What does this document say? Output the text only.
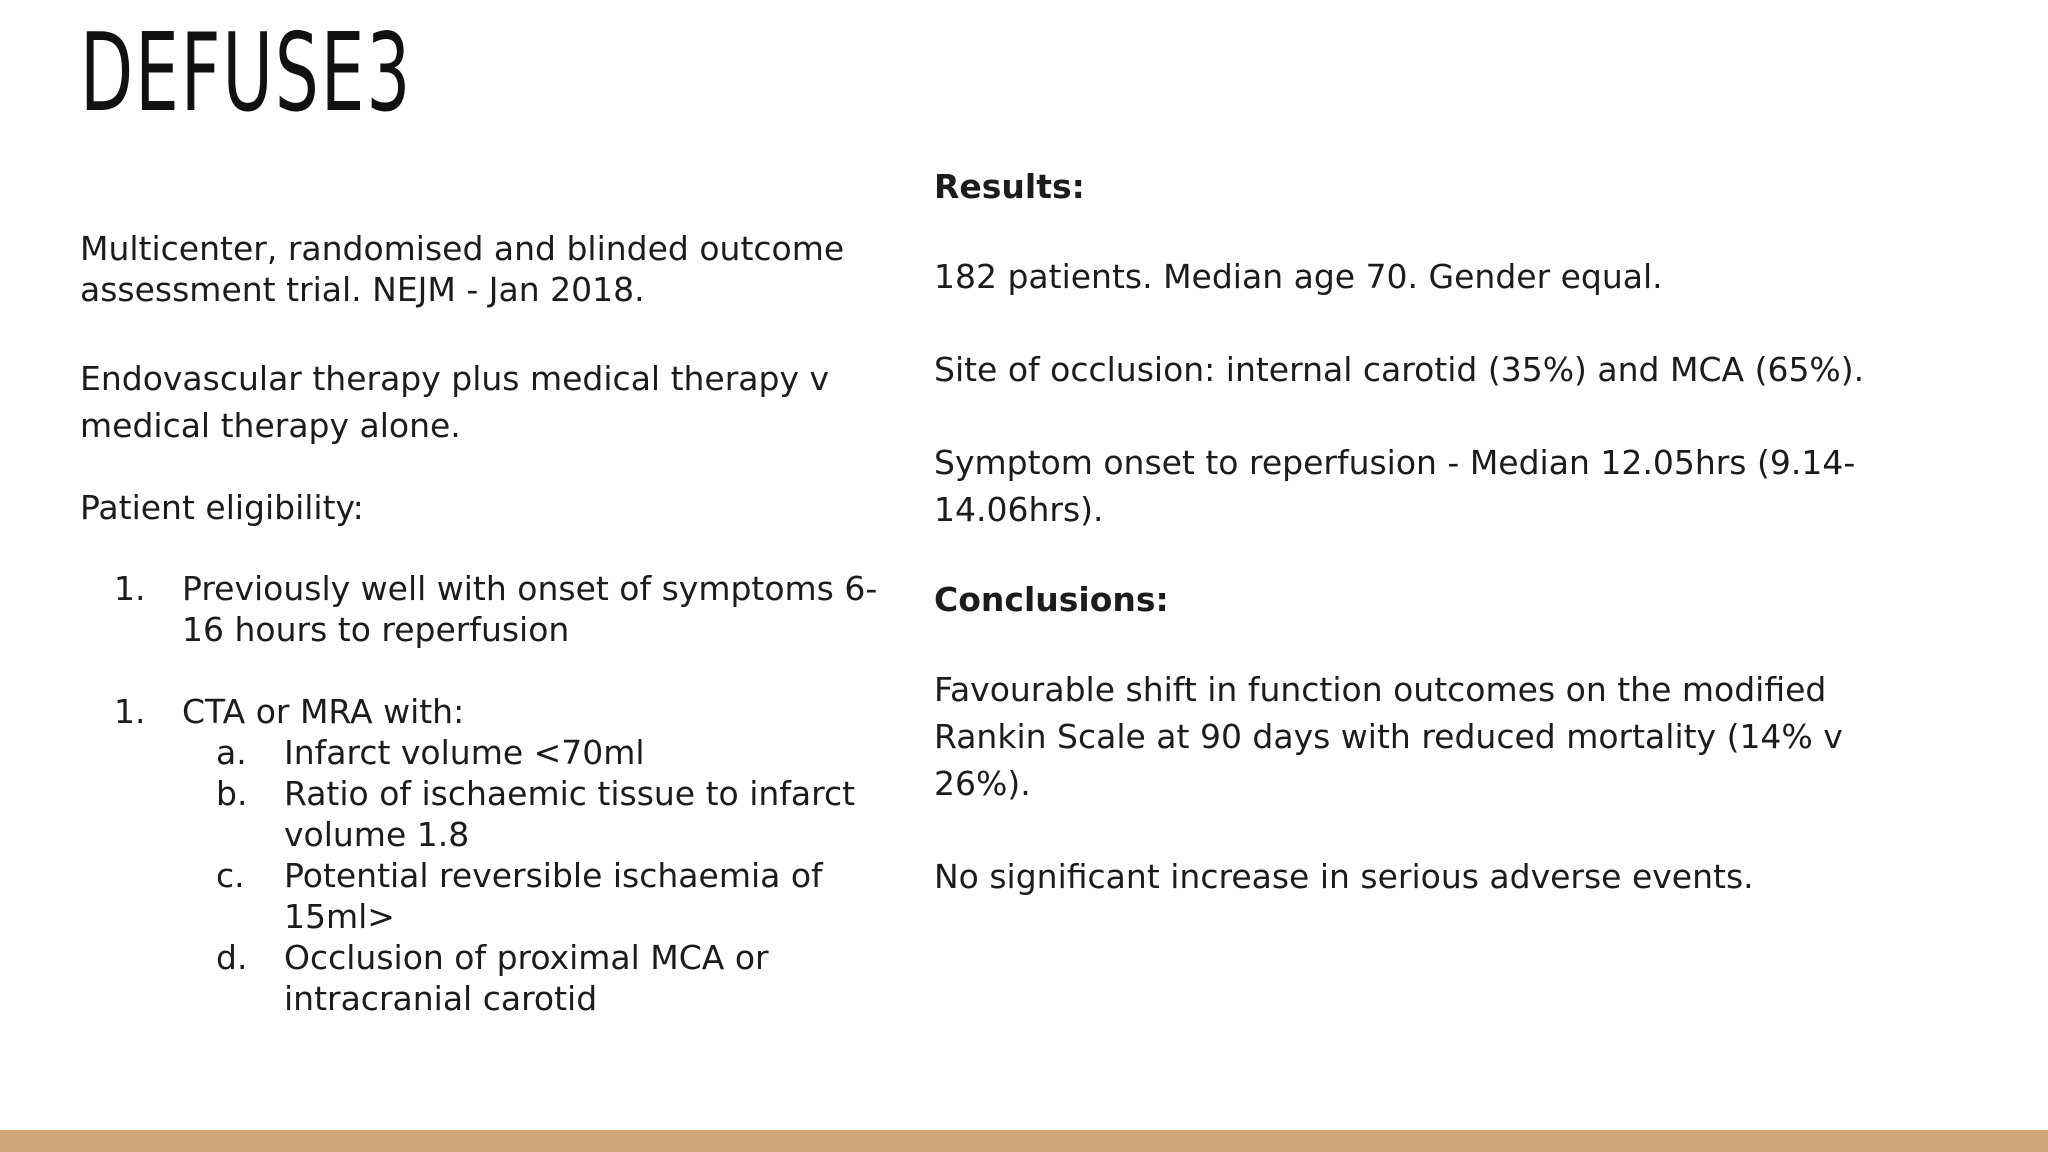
DEFUSE3

Multicenter, randomised and blinded outcome assessment trial. NEJM - Jan 2018.

Endovascular therapy plus medical therapy v medical therapy alone.

Patient eligibility:

1. Previously well with onset of symptoms 6-16 hours to reperfusion
1. CTA or MRA with:
a. Infarct volume <70ml
b. Ratio of ischaemic tissue to infarct volume 1.8
c. Potential reversible ischaemia of 15ml>
d. Occlusion of proximal MCA or intracranial carotid

Results:

182 patients. Median age 70. Gender equal.

Site of occlusion: internal carotid (35%) and MCA (65%).

Symptom onset to reperfusion - Median 12.05hrs (9.14-14.06hrs).

Conclusions:

Favourable shift in function outcomes on the modified Rankin Scale at 90 days with reduced mortality (14% v 26%).

No significant increase in serious adverse events.
